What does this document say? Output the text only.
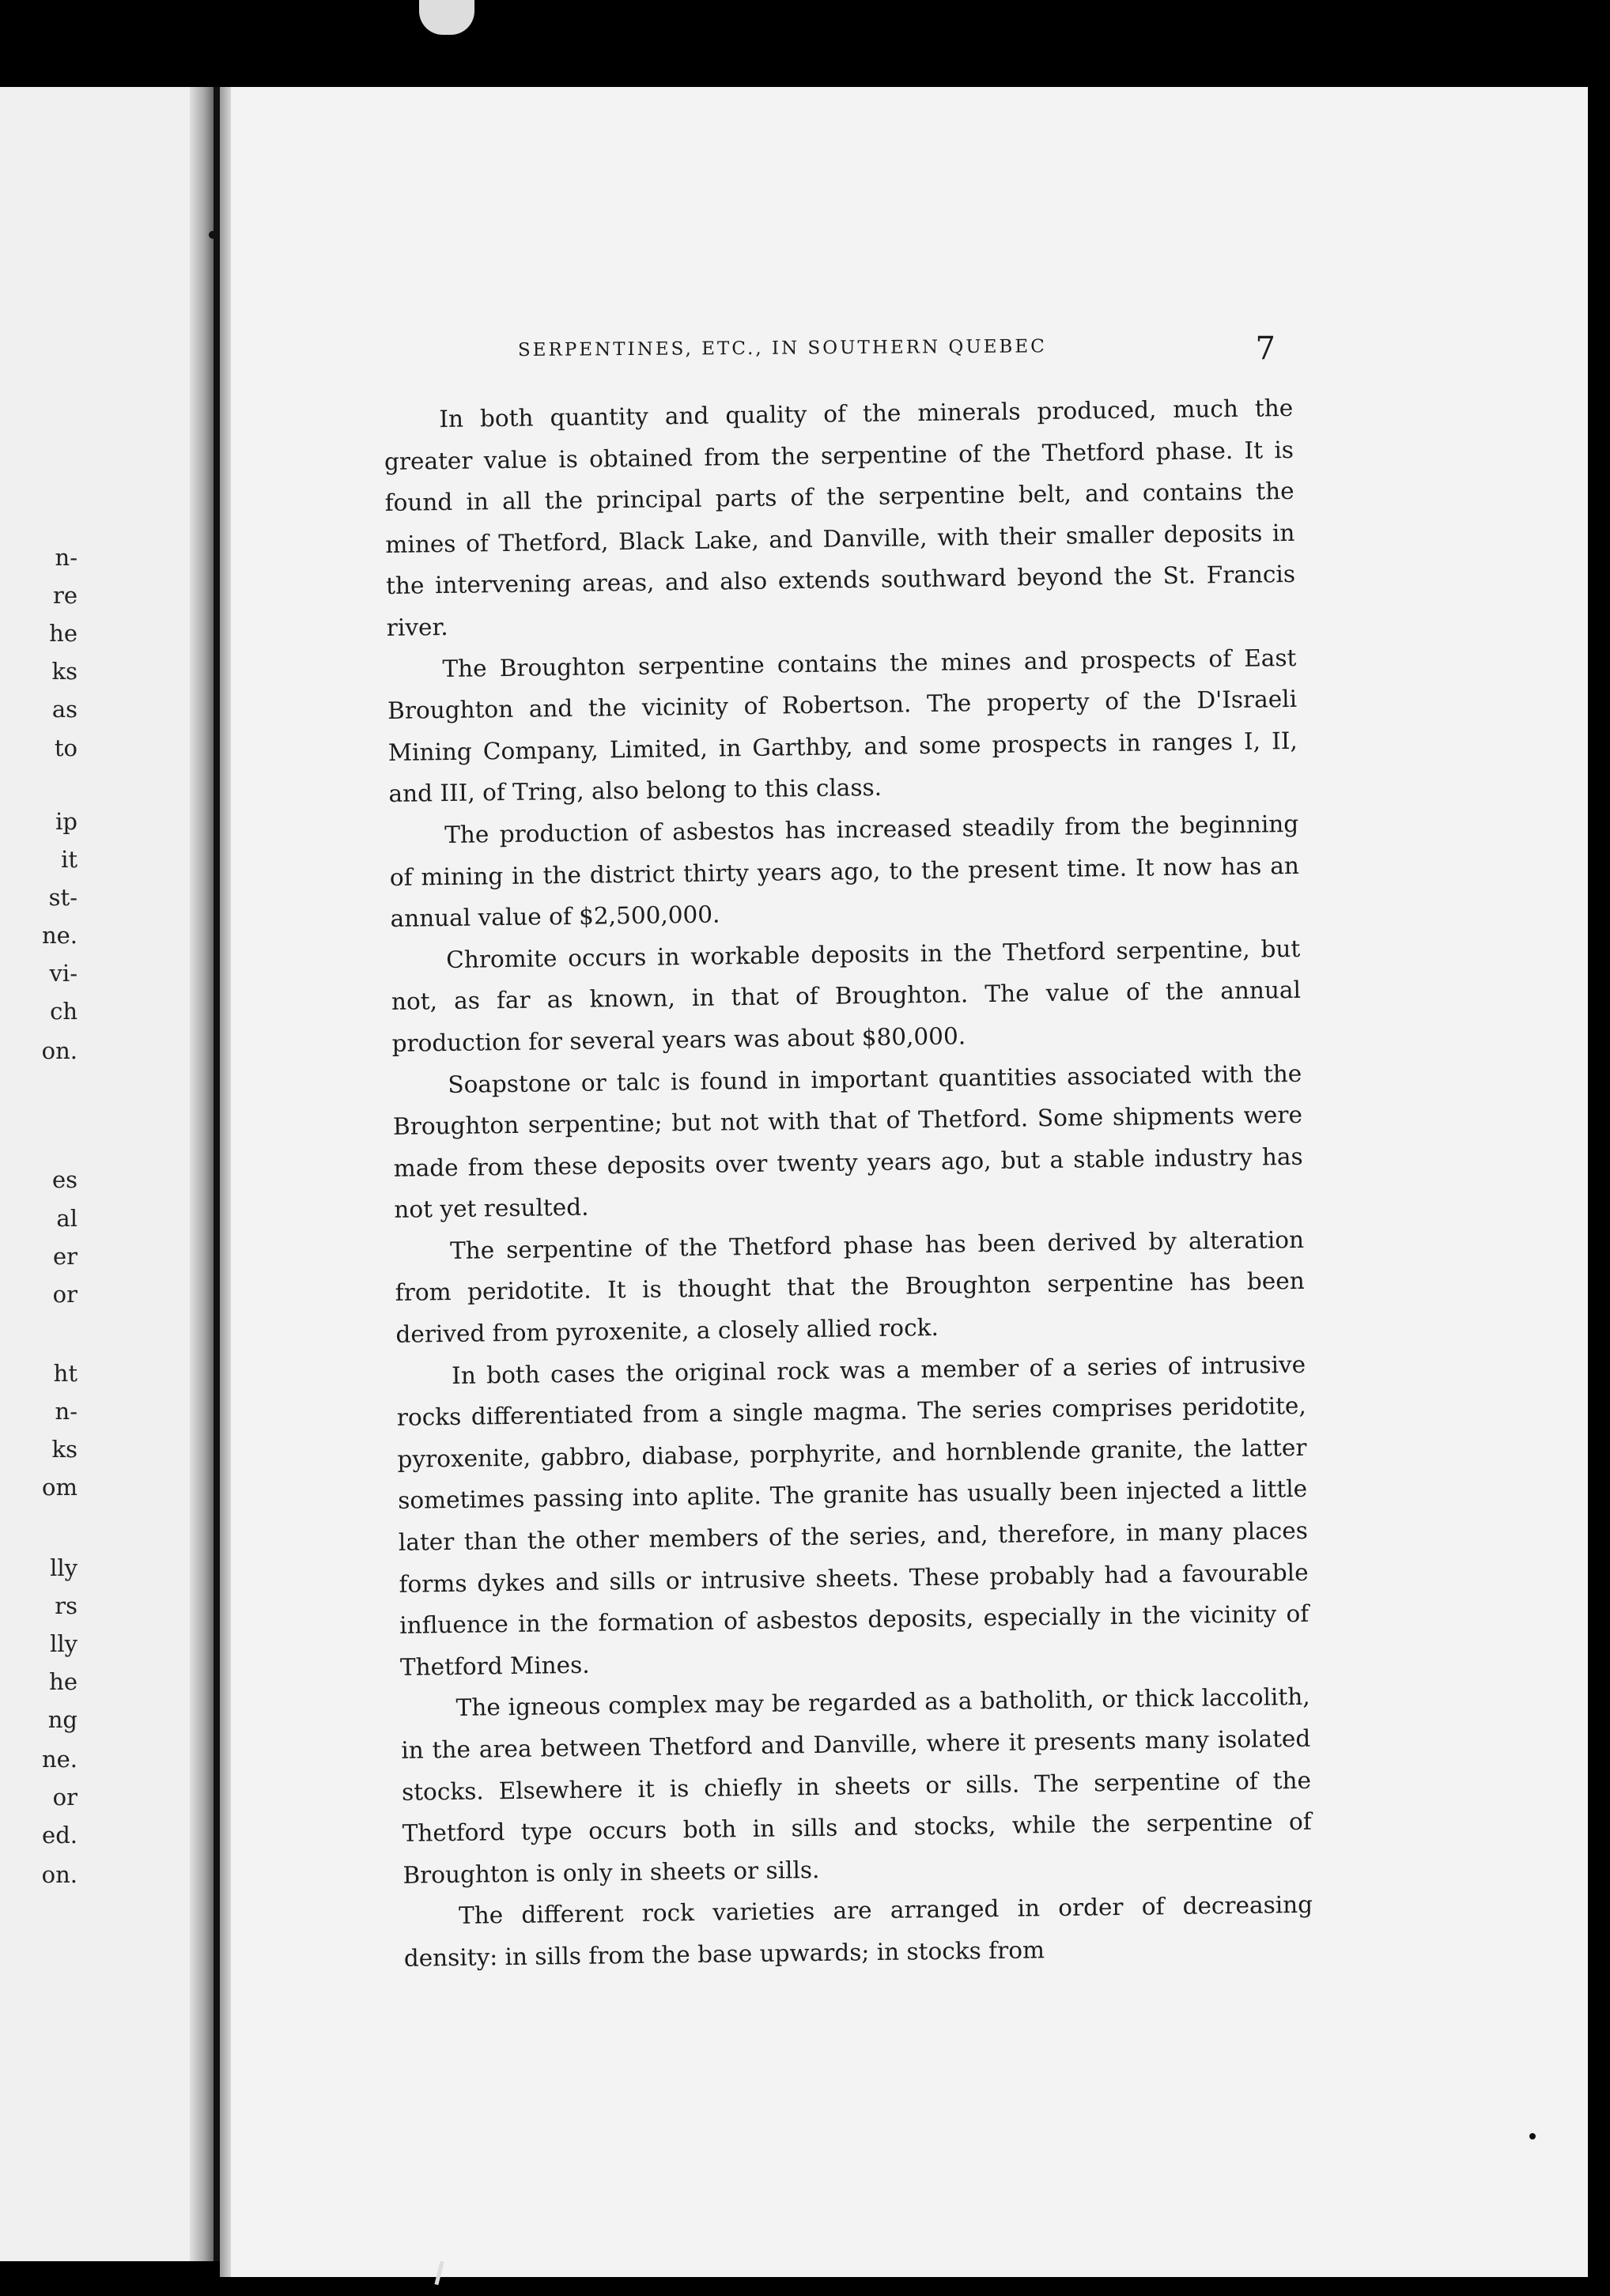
n-
re
he
ks
as
to
ip
it
st-
ne.
vi-
ch
on.
es
al
er
or
ht
n-
ks
om
lly
rs
lly
he
ng
ne.
or
ed.
on.
SERPENTINES, ETC., IN SOUTHERN QUEBEC	7

In both quantity and quality of the minerals produced, much the greater value is obtained from the serpentine of the Thetford phase. It is found in all the principal parts of the serpentine belt, and contains the mines of Thetford, Black Lake, and Danville, with their smaller deposits in the intervening areas, and also extends southward beyond the St. Francis river.

The Broughton serpentine contains the mines and prospects of East Broughton and the vicinity of Robertson. The property of the D'Israeli Mining Company, Limited, in Garthby, and some prospects in ranges I, II, and III, of Tring, also belong to this class.

The production of asbestos has increased steadily from the beginning of mining in the district thirty years ago, to the present time. It now has an annual value of $2,500,000.

Chromite occurs in workable deposits in the Thetford serpentine, but not, as far as known, in that of Broughton. The value of the annual production for several years was about $80,000.

Soapstone or talc is found in important quantities associated with the Broughton serpentine; but not with that of Thetford. Some shipments were made from these deposits over twenty years ago, but a stable industry has not yet resulted.

The serpentine of the Thetford phase has been derived by alteration from peridotite. It is thought that the Broughton serpentine has been derived from pyroxenite, a closely allied rock.

In both cases the original rock was a member of a series of intrusive rocks differentiated from a single magma. The series comprises peridotite, pyroxenite, gabbro, diabase, porphyrite, and hornblende granite, the latter sometimes passing into aplite. The granite has usually been injected a little later than the other members of the series, and, therefore, in many places forms dykes and sills or intrusive sheets. These probably had a favourable influence in the formation of asbestos deposits, especially in the vicinity of Thetford Mines.

The igneous complex may be regarded as a batholith, or thick laccolith, in the area between Thetford and Danville, where it presents many isolated stocks. Elsewhere it is chiefly in sheets or sills. The serpentine of the Thetford type occurs both in sills and stocks, while the serpentine of Broughton is only in sheets or sills.

The different rock varieties are arranged in order of decreasing density: in sills from the base upwards; in stocks from
